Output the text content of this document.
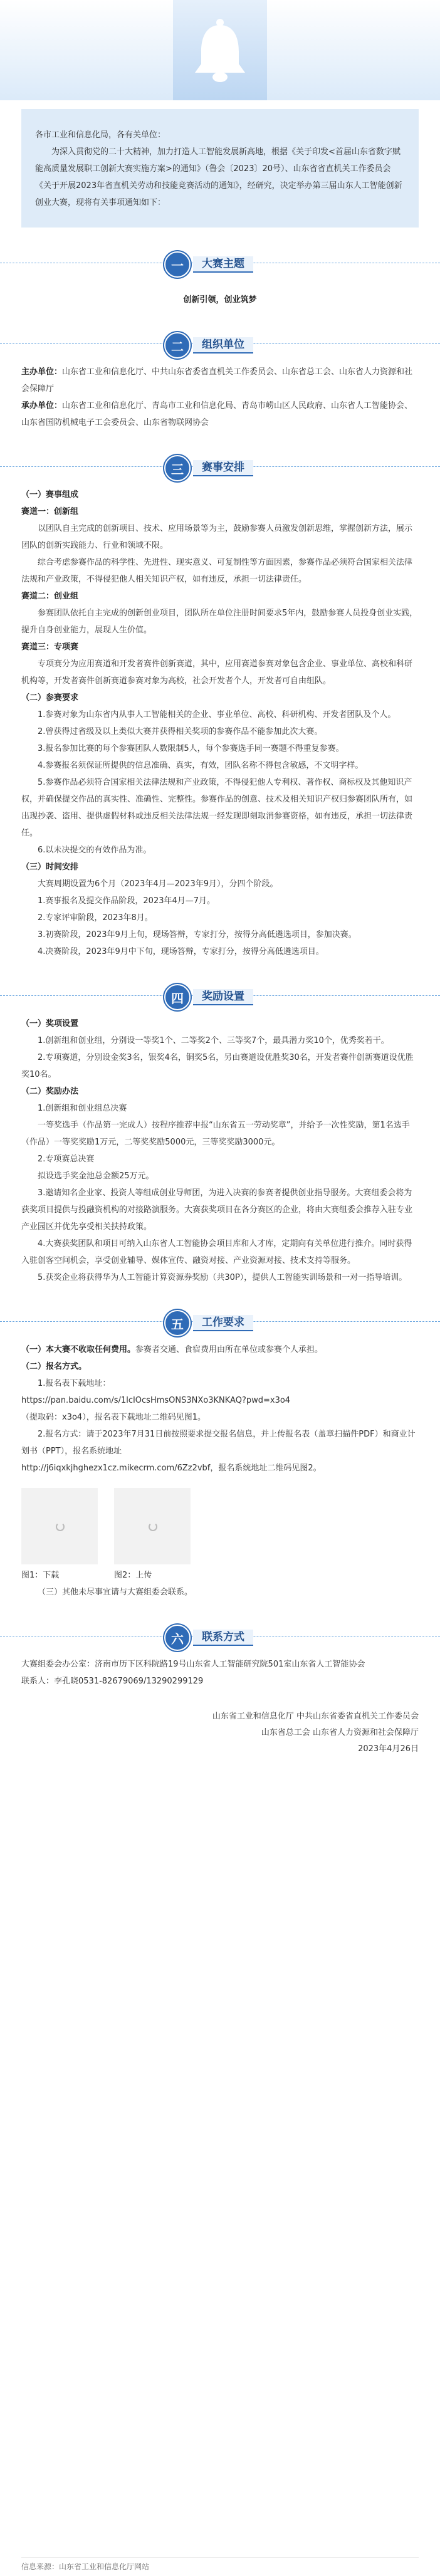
各市工业和信息化局，各有关单位：

为深入贯彻党的二十大精神，加力打造人工智能发展新高地，根据《关于印发<首届山东省数字赋能高质量发展职工创新大赛实施方案>的通知》（鲁会〔2023〕20号）、山东省省直机关工作委员会《关于开展2023年省直机关劳动和技能竞赛活动的通知》，经研究，决定举办第三届山东人工智能创新创业大赛，现将有关事项通知如下：

一	大赛主题

创新引领，创业筑梦

二	组织单位

主办单位：山东省工业和信息化厅、中共山东省委省直机关工作委员会、山东省总工会、山东省人力资源和社会保障厅

承办单位：山东省工业和信息化厅、青岛市工业和信息化局、青岛市崂山区人民政府、山东省人工智能协会、山东省国防机械电子工会委员会、山东省物联网协会

三	赛事安排

（一）赛事组成

赛道一：创新组

以团队自主完成的创新项目、技术、应用场景等为主，鼓励参赛人员激发创新思维，掌握创新方法，展示团队的创新实践能力、行业和领域不限。

综合考虑参赛作品的科学性、先进性、现实意义、可复制性等方面因素，参赛作品必须符合国家相关法律法规和产业政策，不得侵犯他人相关知识产权，如有违反，承担一切法律责任。

赛道二：创业组

参赛团队依托自主完成的创新创业项目，团队所在单位注册时间要求5年内，鼓励参赛人员投身创业实践，提升自身创业能力，展现人生价值。

赛道三：专项赛

专项赛分为应用赛道和开发者赛件创新赛道，其中，应用赛道参赛对象包含企业、事业单位、高校和科研机构等，开发者赛件创新赛道参赛对象为高校，社会开发者个人，开发者可自由组队。

（二）参赛要求

1.参赛对象为山东省内从事人工智能相关的企业、事业单位、高校、科研机构、开发者团队及个人。

2.曾获得过省级及以上类似大赛并获得相关奖项的参赛作品不能参加此次大赛。

3.报名参加比赛的每个参赛团队人数限制5人，每个参赛选手同一赛题不得重复参赛。

4.参赛报名须保证所提供的信息准确、真实，有效，团队名称不得包含敏感，不文明字样。

5.参赛作品必须符合国家相关法律法规和产业政策，不得侵犯他人专利权、著作权、商标权及其他知识产权，并确保提交作品的真实性、准确性、完整性。参赛作品的创意、技术及相关知识产权归参赛团队所有，如出现抄袭、盗用、提供虚假材料或违反相关法律法规一经发现即刻取消参赛资格，如有违反，承担一切法律责任。

6.以未决提交的有效作品为准。

（三）时间安排

大赛周期设置为6个月（2023年4月—2023年9月），分四个阶段。

1.赛事报名及提交作品阶段，2023年4月—7月。

2.专家评审阶段，2023年8月。

3.初赛阶段，2023年9月上旬，现场答辩，专家打分，按得分高低遴选项目，参加决赛。

4.决赛阶段，2023年9月中下旬，现场答辩，专家打分，按得分高低遴选项目。

四	奖励设置

（一）奖项设置

1.创新组和创业组，分别设一等奖1个、二等奖2个、三等奖7个，最具潜力奖10个，优秀奖若干。

2.专项赛道，分别设金奖3名，银奖4名，铜奖5名，另由赛道设优胜奖30名，开发者赛件创新赛道设优胜奖10名。

（二）奖励办法

1.创新组和创业组总决赛

一等奖选手（作品第一完成人）按程序推荐申报“山东省五一劳动奖章”，并给予一次性奖励，第1名选手（作品）一等奖奖励1万元，二等奖奖励5000元，三等奖奖励3000元。

2.专项赛总决赛

拟设选手奖金池总金额25万元。

3.邀请知名企业家、投资人等组成创业导师团，为进入决赛的参赛者提供创业指导服务。大赛组委会将为获奖项目提供与投融资机构的对接路演服务。大赛获奖项目在各分赛区的企业，将由大赛组委会推荐入驻专业产业园区并优先享受相关扶持政策。

4.大赛获奖团队和项目可纳入山东省人工智能协会项目库和人才库，定期向有关单位进行推介。同时获得入驻创客空间机会，享受创业辅导、媒体宣传、融资对接、产业资源对接、技术支持等服务。

5.获奖企业将获得华为人工智能计算资源券奖励（共30P），提供人工智能实训场景和一对一指导培训。

五	工作要求

（一）本大赛不收取任何费用。参赛者交通、食宿费用由所在单位或参赛个人承担。

（二）报名方式。

1.报名表下载地址：

https://pan.baidu.com/s/1lcIOcsHmsONS3NXo3KNKAQ?pwd=x3o4

（提取码：x3o4），报名表下载地址二维码见图1。

2.报名方式：请于2023年7月31日前按照要求提交报名信息，并上传报名表（盖章扫描件PDF）和商业计划书（PPT），报名系统地址

http://j6iqxkjhghezx1cz.mikecrm.com/6Zz2vbf，报名系统地址二维码见图2。

图1：下载	图2：上传

（三）其他未尽事宜请与大赛组委会联系。

六	联系方式

大赛组委会办公室：济南市历下区科院路19号山东省人工智能研究院501室山东省人工智能协会

联系人：李孔晓0531-82679069/13290299129

山东省工业和信息化厅 中共山东省委省直机关工作委员会

山东省总工会 山东省人力资源和社会保障厅

2023年4月26日

信息来源：山东省工业和信息化厅网站
